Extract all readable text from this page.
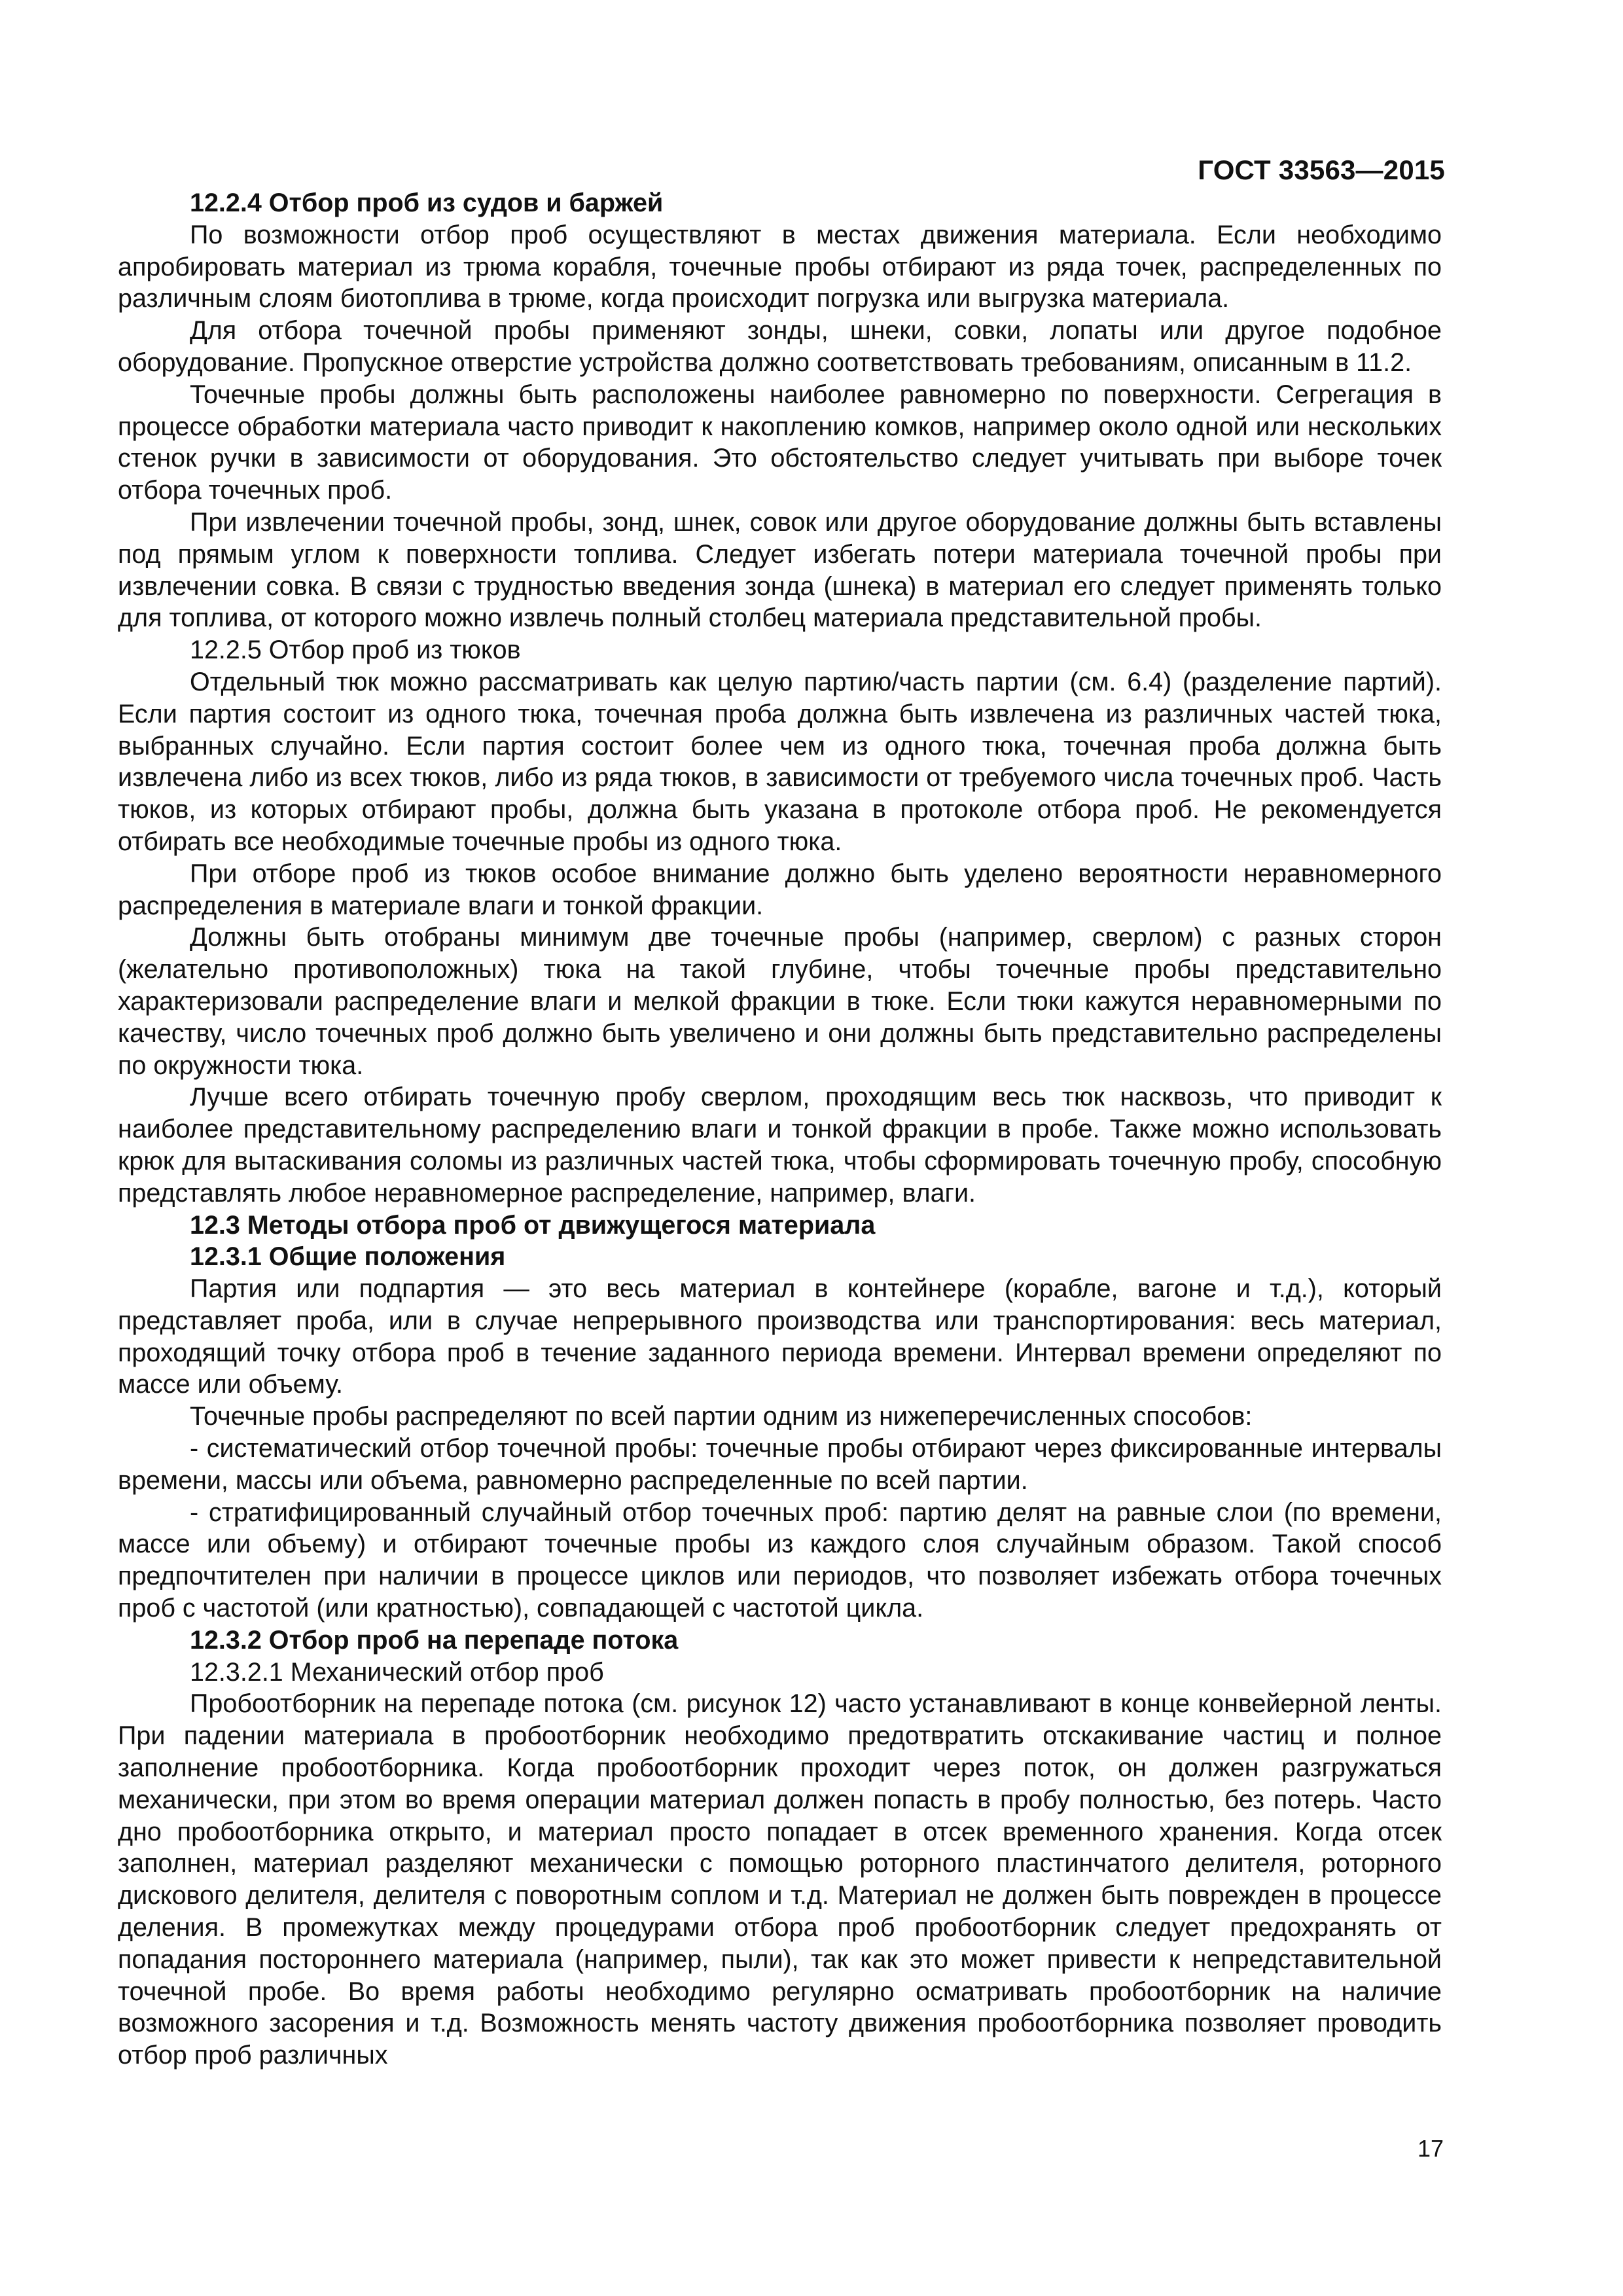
ГОСТ 33563—2015

12.2.4 Отбор проб из судов и баржей

По возможности отбор проб осуществляют в местах движения материала. Если необходимо апробировать материал из трюма корабля, точечные пробы отбирают из ряда точек, распределенных по различным слоям биотоплива в трюме, когда происходит погрузка или выгрузка материала.

Для отбора точечной пробы применяют зонды, шнеки, совки, лопаты или другое подобное оборудование. Пропускное отверстие устройства должно соответствовать требованиям, описанным в 11.2.

Точечные пробы должны быть расположены наиболее равномерно по поверхности. Сегрегация в процессе обработки материала часто приводит к накоплению комков, например около одной или нескольких стенок ручки в зависимости от оборудования. Это обстоятельство следует учитывать при выборе точек отбора точечных проб.

При извлечении точечной пробы, зонд, шнек, совок или другое оборудование должны быть вставлены под прямым углом к поверхности топлива. Следует избегать потери материала точечной пробы при извлечении совка. В связи с трудностью введения зонда (шнека) в материал его следует применять только для топлива, от которого можно извлечь полный столбец материала представительной пробы.

12.2.5 Отбор проб из тюков

Отдельный тюк можно рассматривать как целую партию/часть партии (см. 6.4) (разделение партий). Если партия состоит из одного тюка, точечная проба должна быть извлечена из различных частей тюка, выбранных случайно. Если партия состоит более чем из одного тюка, точечная проба должна быть извлечена либо из всех тюков, либо из ряда тюков, в зависимости от требуемого числа точечных проб. Часть тюков, из которых отбирают пробы, должна быть указана в протоколе отбора проб. Не рекомендуется отбирать все необходимые точечные пробы из одного тюка.

При отборе проб из тюков особое внимание должно быть уделено вероятности неравномерного распределения в материале влаги и тонкой фракции.

Должны быть отобраны минимум две точечные пробы (например, сверлом) с разных сторон (желательно противоположных) тюка на такой глубине, чтобы точечные пробы представительно характеризовали распределение влаги и мелкой фракции в тюке. Если тюки кажутся неравномерными по качеству, число точечных проб должно быть увеличено и они должны быть представительно распределены по окружности тюка.

Лучше всего отбирать точечную пробу сверлом, проходящим весь тюк насквозь, что приводит к наиболее представительному распределению влаги и тонкой фракции в пробе. Также можно использовать крюк для вытаскивания соломы из различных частей тюка, чтобы сформировать точечную пробу, способную представлять любое неравномерное распределение, например, влаги.

12.3 Методы отбора проб от движущегося материала

12.3.1 Общие положения

Партия или подпартия — это весь материал в контейнере (корабле, вагоне и т.д.), который представляет проба, или в случае непрерывного производства или транспортирования: весь материал, проходящий точку отбора проб в течение заданного периода времени. Интервал времени определяют по массе или объему.

Точечные пробы распределяют по всей партии одним из нижеперечисленных способов:

- систематический отбор точечной пробы: точечные пробы отбирают через фиксированные интервалы времени, массы или объема, равномерно распределенные по всей партии.

- стратифицированный случайный отбор точечных проб: партию делят на равные слои (по времени, массе или объему) и отбирают точечные пробы из каждого слоя случайным образом. Такой способ предпочтителен при наличии в процессе циклов или периодов, что позволяет избежать отбора точечных проб с частотой (или кратностью), совпадающей с частотой цикла.

12.3.2 Отбор проб на перепаде потока

12.3.2.1 Механический отбор проб

Пробоотборник на перепаде потока (см. рисунок 12) часто устанавливают в конце конвейерной ленты. При падении материала в пробоотборник необходимо предотвратить отскакивание частиц и полное заполнение пробоотборника. Когда пробоотборник проходит через поток, он должен разгружаться механически, при этом во время операции материал должен попасть в пробу полностью, без потерь. Часто дно пробоотборника открыто, и материал просто попадает в отсек временного хранения. Когда отсек заполнен, материал разделяют механически с помощью роторного пластинчатого делителя, роторного дискового делителя, делителя с поворотным соплом и т.д. Материал не должен быть поврежден в процессе деления. В промежутках между процедурами отбора проб пробоотборник следует предохранять от попадания постороннего материала (например, пыли), так как это может привести к непредставительной точечной пробе. Во время работы необходимо регулярно осматривать пробоотборник на наличие возможного засорения и т.д. Возможность менять частоту движения пробоотборника позволяет проводить отбор проб различных

17
